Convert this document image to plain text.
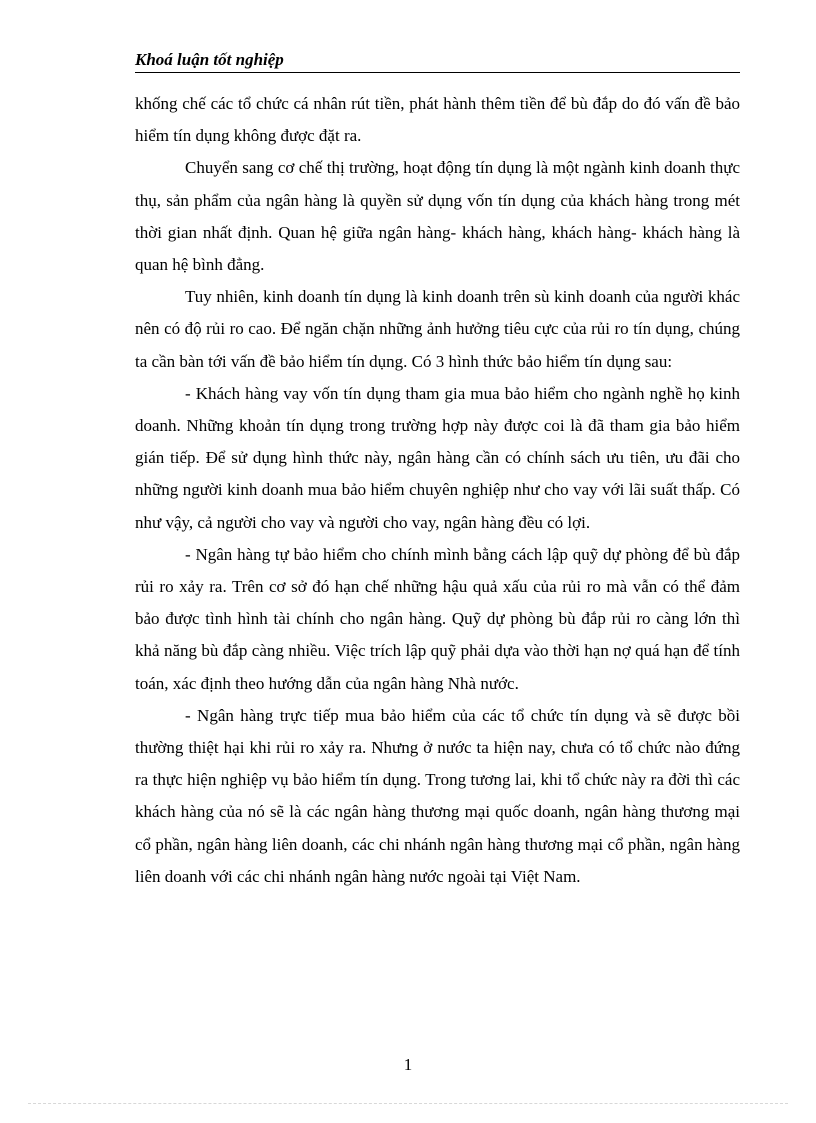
Khoá luận tốt nghiệp

khống chế các tổ chức cá nhân rút tiền, phát hành thêm tiền để bù đắp do đó vấn đề bảo hiểm tín dụng không được đặt ra.

Chuyển sang cơ chế thị trường, hoạt động tín dụng là một ngành kinh doanh thực thụ, sản phẩm của ngân hàng là quyền sử dụng vốn tín dụng của khách hàng trong mét thời gian nhất định. Quan hệ giữa ngân hàng- khách hàng, khách hàng- khách hàng là quan hệ bình đẳng.

Tuy nhiên, kinh doanh tín dụng là kinh doanh trên sù kinh doanh của người khác nên có độ rủi ro cao. Để ngăn chặn những ảnh hưởng tiêu cực của rủi ro tín dụng, chúng ta cần bàn tới vấn đề bảo hiểm tín dụng. Có 3 hình thức bảo hiểm tín dụng sau:

- Khách hàng vay vốn tín dụng tham gia mua bảo hiểm cho ngành nghề họ kinh doanh. Những khoản tín dụng trong trường hợp này được coi là đã tham gia bảo hiểm gián tiếp. Để sử dụng hình thức này, ngân hàng cần có chính sách ưu tiên, ưu đãi cho những người kinh doanh mua bảo hiểm chuyên nghiệp như cho vay với lãi suất thấp. Có như vậy, cả người cho vay và người cho vay, ngân hàng đều có lợi.

- Ngân hàng tự bảo hiểm cho chính mình bằng cách lập quỹ dự phòng để bù đắp rủi ro xảy ra. Trên cơ sở đó hạn chế những hậu quả xấu của rủi ro mà vẫn có thể đảm bảo được tình hình tài chính cho ngân hàng. Quỹ dự phòng bù đắp rủi ro càng lớn thì khả năng bù đắp càng nhiều. Việc trích lập quỹ phải dựa vào thời hạn nợ quá hạn để tính toán, xác định theo hướng dẫn của ngân hàng Nhà nước.

- Ngân hàng trực tiếp mua bảo hiểm của các tổ chức tín dụng và sẽ được bồi thường thiệt hại khi rủi ro xảy ra. Nhưng ở nước ta hiện nay, chưa có tổ chức nào đứng ra thực hiện nghiệp vụ bảo hiểm tín dụng. Trong tương lai, khi tổ chức này ra đời thì các khách hàng của nó sẽ là các ngân hàng thương mại quốc doanh, ngân hàng thương mại cổ phần, ngân hàng liên doanh, các chi nhánh ngân hàng thương mại cổ phần, ngân hàng liên doanh với các chi nhánh ngân hàng nước ngoài tại Việt Nam.

1
